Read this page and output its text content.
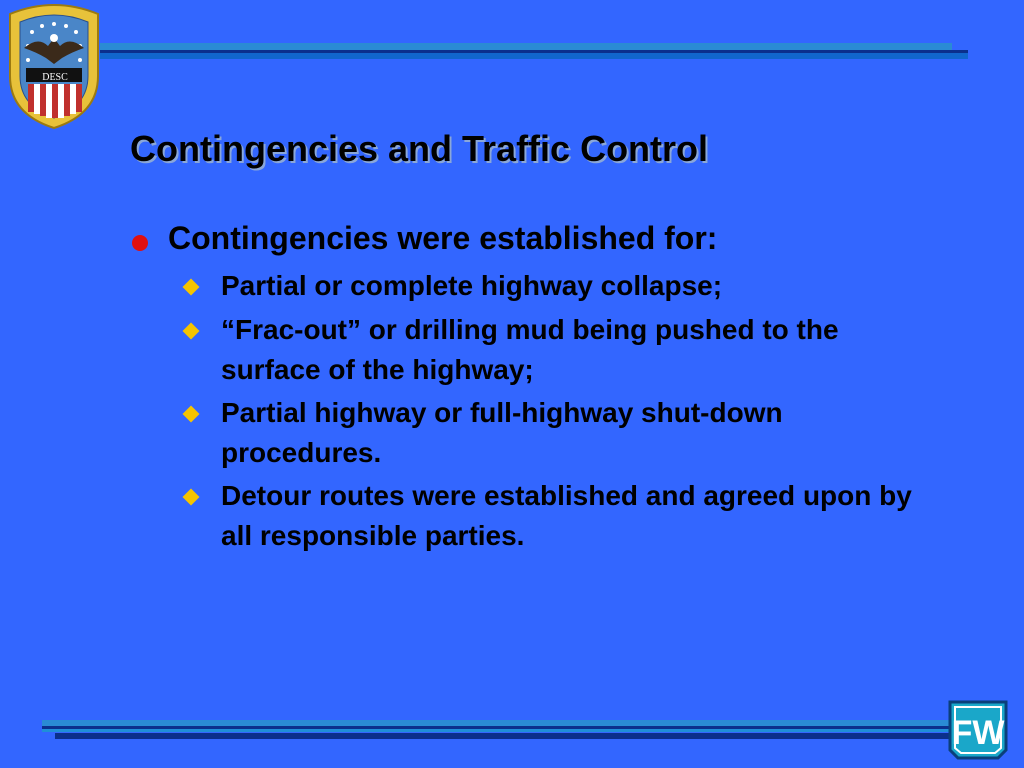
DESC
Contingencies and Traffic Control
Contingencies were established for:
Partial or complete highway collapse;
“Frac-out” or drilling mud being pushed to the surface of the highway;
Partial highway or full-highway shut-down procedures.
Detour routes were established and agreed upon by all responsible parties.
FW
